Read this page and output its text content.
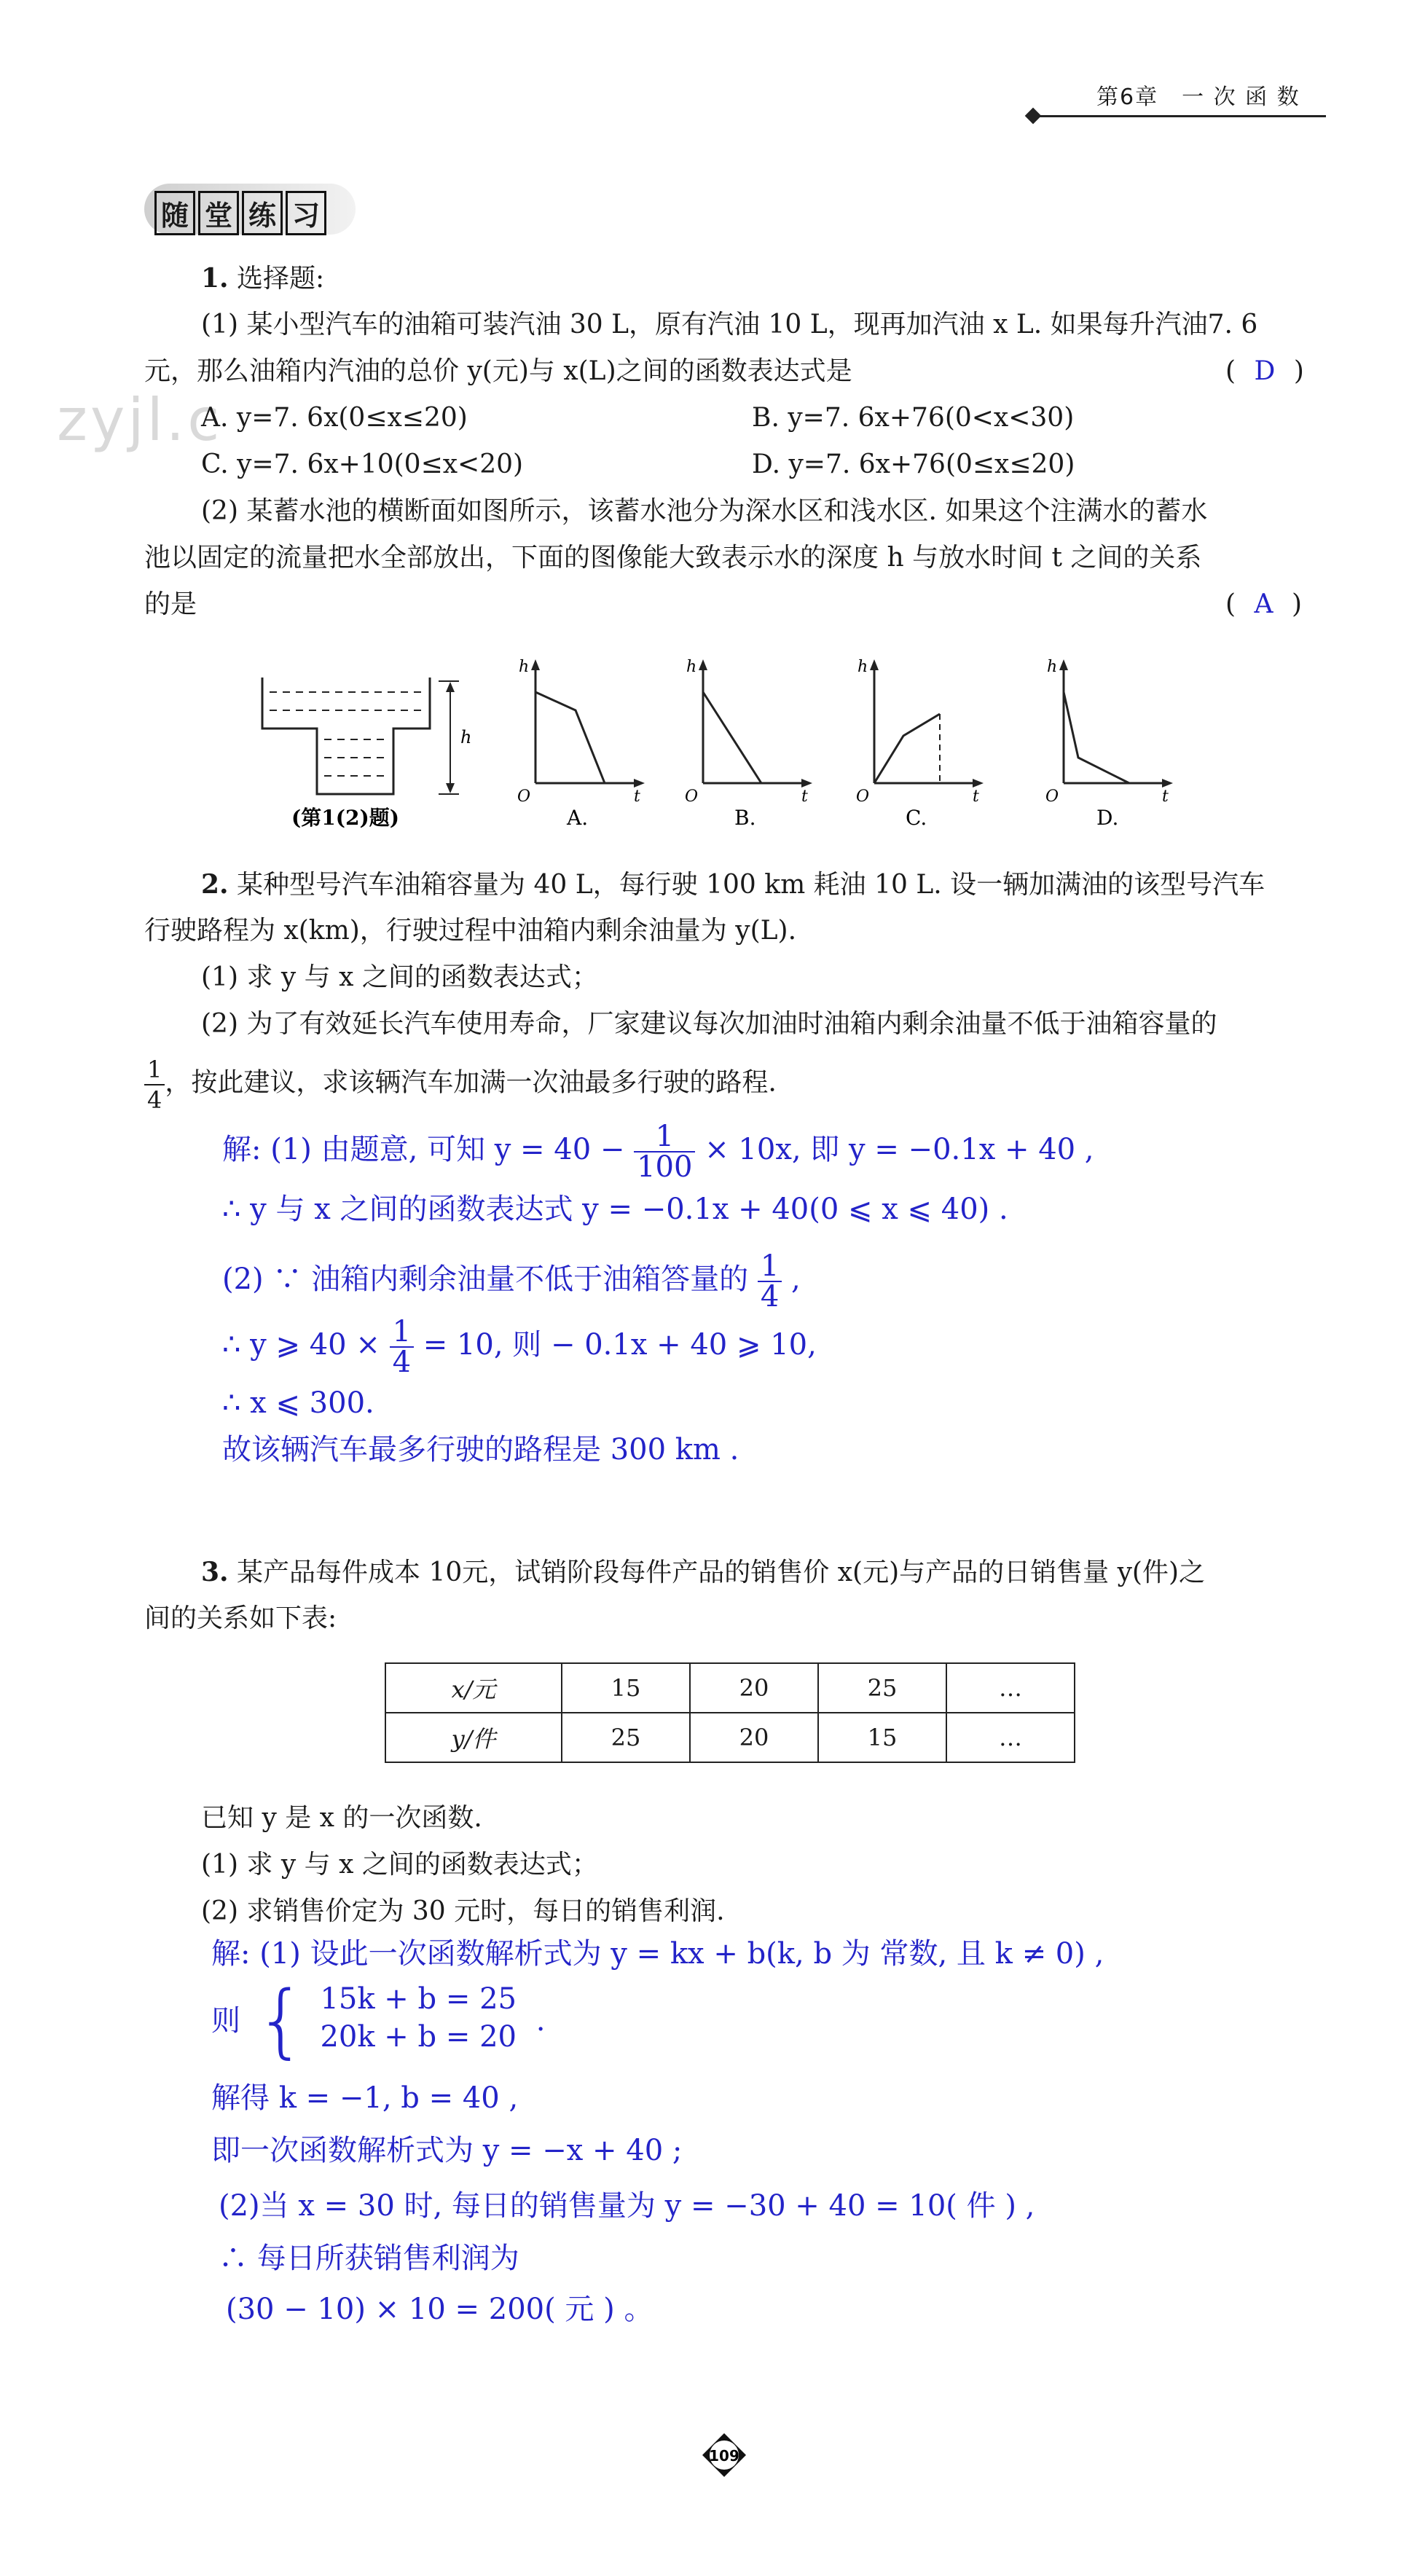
第6章　一 次 函 数
zyjl.c
随 堂 练 习
1. 选择题:
(1) 某小型汽车的油箱可装汽油 30 L，原有汽油 10 L，现再加汽油 x L. 如果每升汽油7. 6
元，那么油箱内汽油的总价 y(元)与 x(L)之间的函数表达式是	( D )
A. y=7. 6x(0≤x≤20)	B. y=7. 6x+76(0<x<30)
C. y=7. 6x+10(0≤x<20)	D. y=7. 6x+76(0≤x≤20)
(2) 某蓄水池的横断面如图所示，该蓄水池分为深水区和浅水区. 如果这个注满水的蓄水
池以固定的流量把水全部放出，下面的图像能大致表示水的深度 h 与放水时间 t 之间的关系
的是	( A )
h
(第1(2)题)
h
t
O
A.
h
t
O
B.
h
t
O
C.
h
t
O
D.
2. 某种型号汽车油箱容量为 40 L，每行驶 100 km 耗油 10 L. 设一辆加满油的该型号汽车
行驶路程为 x(km)，行驶过程中油箱内剩余油量为 y(L).
(1) 求 y 与 x 之间的函数表达式；
(2) 为了有效延长汽车使用寿命，厂家建议每次加油时油箱内剩余油量不低于油箱容量的
$\frac{1}{4}$ ，按此建议，求该辆汽车加满一次油最多行驶的路程.
解: (1) 由题意, 可知 $y = 40 - \frac{1}{100} \times 10x$, 即 y = −0.1x + 40 ,
∴ y 与 x 之间的函数表达式 y = −0.1x + 40(0 ⩽ x ⩽ 40) .
(2) ∵ 油箱内剩余油量不低于油箱答量的 $\frac{1}{4}$ ,
∴ y ⩾ $40 \times \frac{1}{4} = 10$, 则 − 0.1x + 40 ⩾ 10,
∴ x ⩽ 300.
故该辆汽车最多行驶的路程是 300 km .
3. 某产品每件成本 10元，试销阶段每件产品的销售价 x(元)与产品的日销售量 y(件)之
间的关系如下表:
x/元	15	20	25	…
y/件	25	20	15	…
已知 y 是 x 的一次函数.
(1) 求 y 与 x 之间的函数表达式；
(2) 求销售价定为 30 元时，每日的销售利润.
解: (1) 设此一次函数解析式为 y = kx + b(k, b 为 常数, 且 k ≠ 0) ,
则 { 15k + b = 25
20k + b = 20 .
解得 k = −1, b = 40 ,
即一次函数解析式为 y = −x + 40 ;
(2)当 x = 30 时, 每日的销售量为 y = −30 + 40 = 10( 件 ) ,
∴ 每日所获销售利润为
(30 − 10) × 10 = 200( 元 ) 。
109
